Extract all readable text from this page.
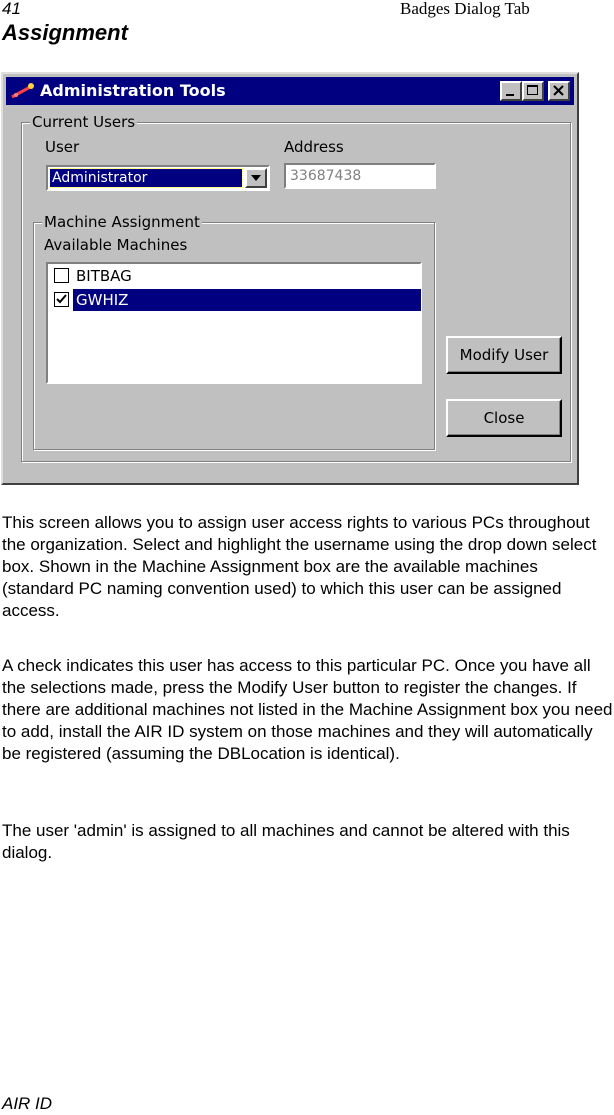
41	Badges Dialog Tab
Assignment
Administration Tools
Current Users
User	Address
Administrator	33687438
Machine Assignment
Available Machines
BITBAG
GWHIZ
Modify User
Close

This screen allows you to assign user access rights to various PCs throughout the organization. Select and highlight the username using the drop down select box. Shown in the Machine Assignment box are the available machines (standard PC naming convention used) to which this user can be assigned access.

A check indicates this user has access to this particular PC. Once you have all the selections made, press the Modify User button to register the changes. If there are additional machines not listed in the Machine Assignment box you need to add, install the AIR ID system on those machines and they will automatically be registered (assuming the DBLocation is identical).

The user 'admin' is assigned to all machines and cannot be altered with this dialog.

AIR ID
